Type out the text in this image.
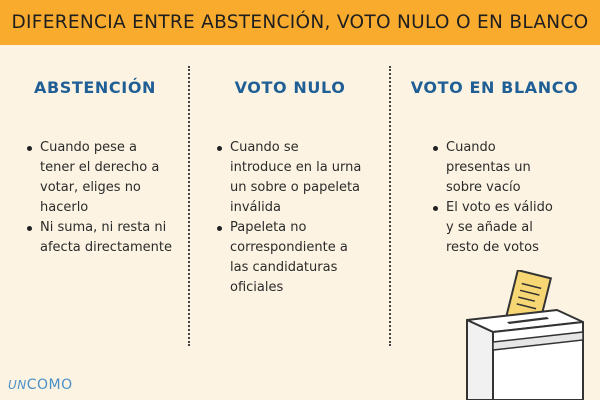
DIFERENCIA ENTRE ABSTENCIÓN, VOTO NULO O EN BLANCO
ABSTENCIÓN
Cuando pese a tener el derecho a votar, eliges no hacerlo
Ni suma, ni resta ni afecta directamente
VOTO NULO
Cuando se introduce en la urna un sobre o papeleta inválida
Papeleta no correspondiente a las candidaturas oficiales
VOTO EN BLANCO
Cuando presentas un sobre vacío
El voto es válido y se añade al resto de votos
UNCOMO
